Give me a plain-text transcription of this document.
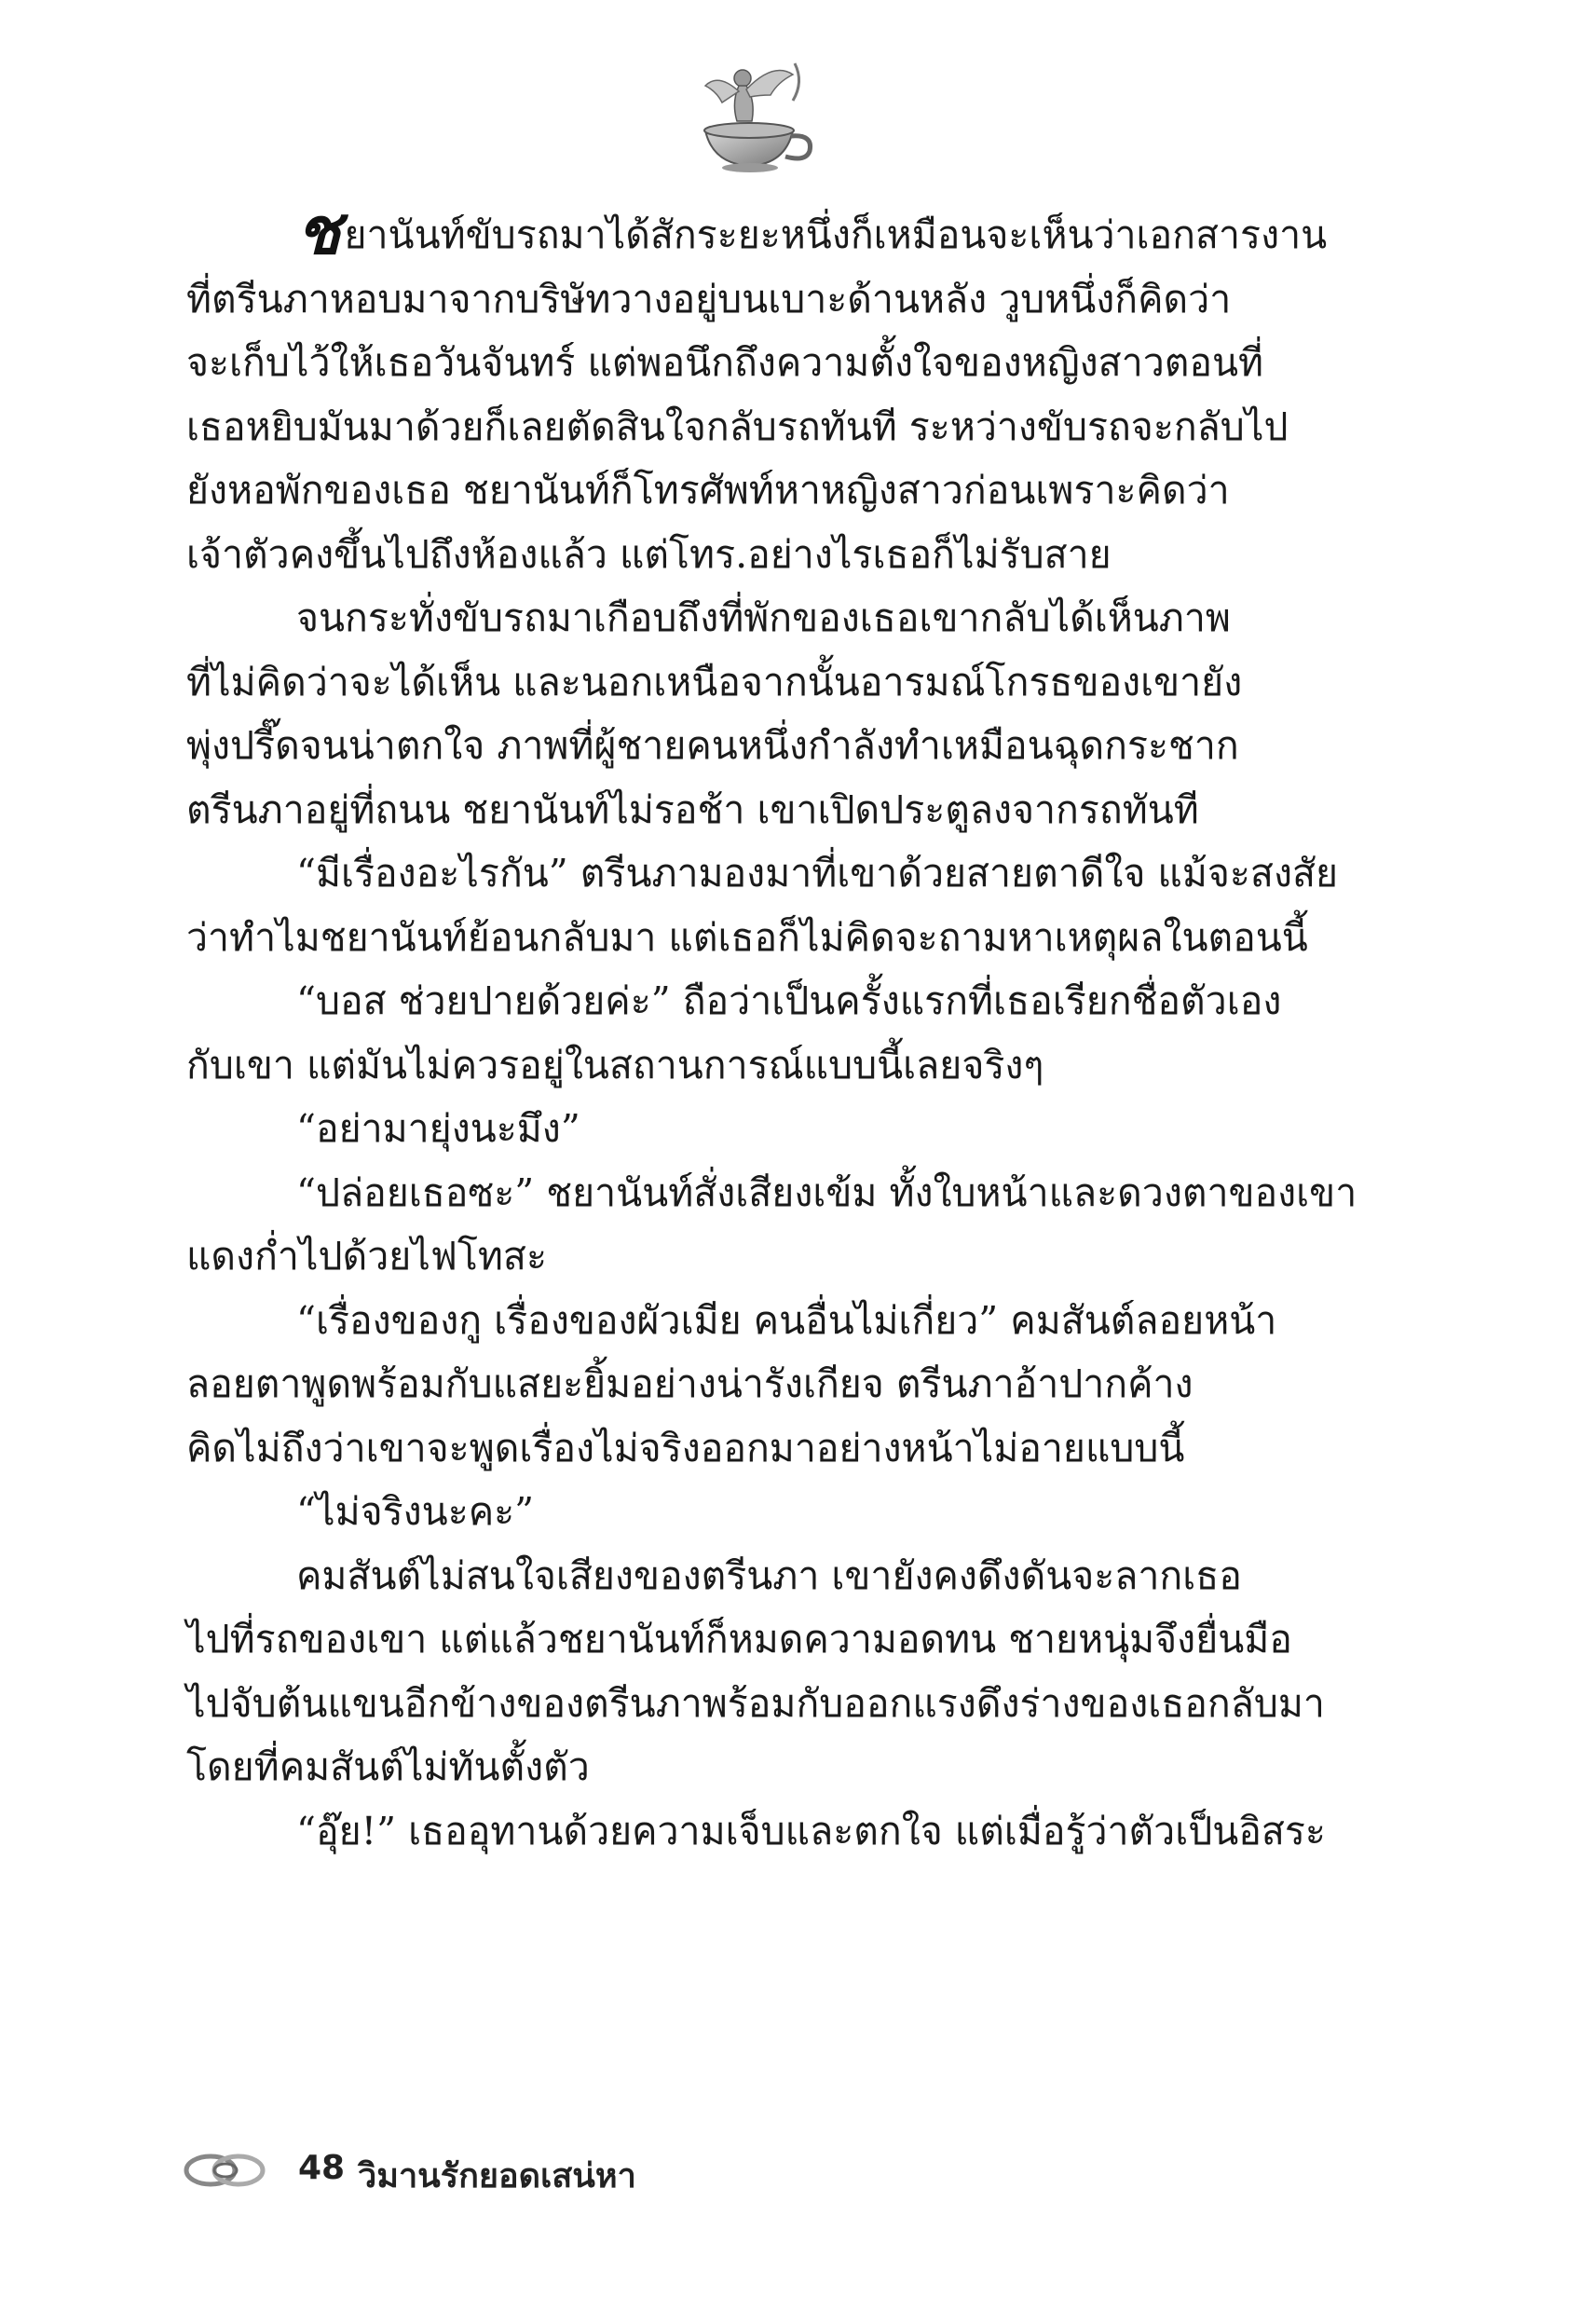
ชยานันท์ขับรถมาได้สักระยะหนึ่งก็เหมือนจะเห็นว่าเอกสารงาน
ที่ตรีนภาหอบมาจากบริษัทวางอยู่บนเบาะด้านหลัง วูบหนึ่งก็คิดว่า
จะเก็บไว้ให้เธอวันจันทร์ แต่พอนึกถึงความตั้งใจของหญิงสาวตอนที่
เธอหยิบมันมาด้วยก็เลยตัดสินใจกลับรถทันที ระหว่างขับรถจะกลับไป
ยังหอพักของเธอ ชยานันท์ก็โทรศัพท์หาหญิงสาวก่อนเพราะคิดว่า
เจ้าตัวคงขึ้นไปถึงห้องแล้ว แต่โทร.อย่างไรเธอก็ไม่รับสาย
จนกระทั่งขับรถมาเกือบถึงที่พักของเธอเขากลับได้เห็นภาพ
ที่ไม่คิดว่าจะได้เห็น และนอกเหนือจากนั้นอารมณ์โกรธของเขายัง
พุ่งปรี๊ดจนน่าตกใจ ภาพที่ผู้ชายคนหนึ่งกำลังทำเหมือนฉุดกระชาก
ตรีนภาอยู่ที่ถนน ชยานันท์ไม่รอช้า เขาเปิดประตูลงจากรถทันที
“มีเรื่องอะไรกัน” ตรีนภามองมาที่เขาด้วยสายตาดีใจ แม้จะสงสัย
ว่าทำไมชยานันท์ย้อนกลับมา แต่เธอก็ไม่คิดจะถามหาเหตุผลในตอนนี้
“บอส ช่วยปายด้วยค่ะ” ถือว่าเป็นครั้งแรกที่เธอเรียกชื่อตัวเอง
กับเขา แต่มันไม่ควรอยู่ในสถานการณ์แบบนี้เลยจริงๆ
“อย่ามายุ่งนะมึง”
“ปล่อยเธอซะ” ชยานันท์สั่งเสียงเข้ม ทั้งใบหน้าและดวงตาของเขา
แดงก่ำไปด้วยไฟโทสะ
“เรื่องของกู เรื่องของผัวเมีย คนอื่นไม่เกี่ยว” คมสันต์ลอยหน้า
ลอยตาพูดพร้อมกับแสยะยิ้มอย่างน่ารังเกียจ ตรีนภาอ้าปากค้าง
คิดไม่ถึงว่าเขาจะพูดเรื่องไม่จริงออกมาอย่างหน้าไม่อายแบบนี้
“ไม่จริงนะคะ”
คมสันต์ไม่สนใจเสียงของตรีนภา เขายังคงดึงดันจะลากเธอ
ไปที่รถของเขา แต่แล้วชยานันท์ก็หมดความอดทน ชายหนุ่มจึงยื่นมือ
ไปจับต้นแขนอีกข้างของตรีนภาพร้อมกับออกแรงดึงร่างของเธอกลับมา
โดยที่คมสันต์ไม่ทันตั้งตัว
“อุ๊ย!” เธออุทานด้วยความเจ็บและตกใจ แต่เมื่อรู้ว่าตัวเป็นอิสระ
48 วิมานรักยอดเสน่หา
